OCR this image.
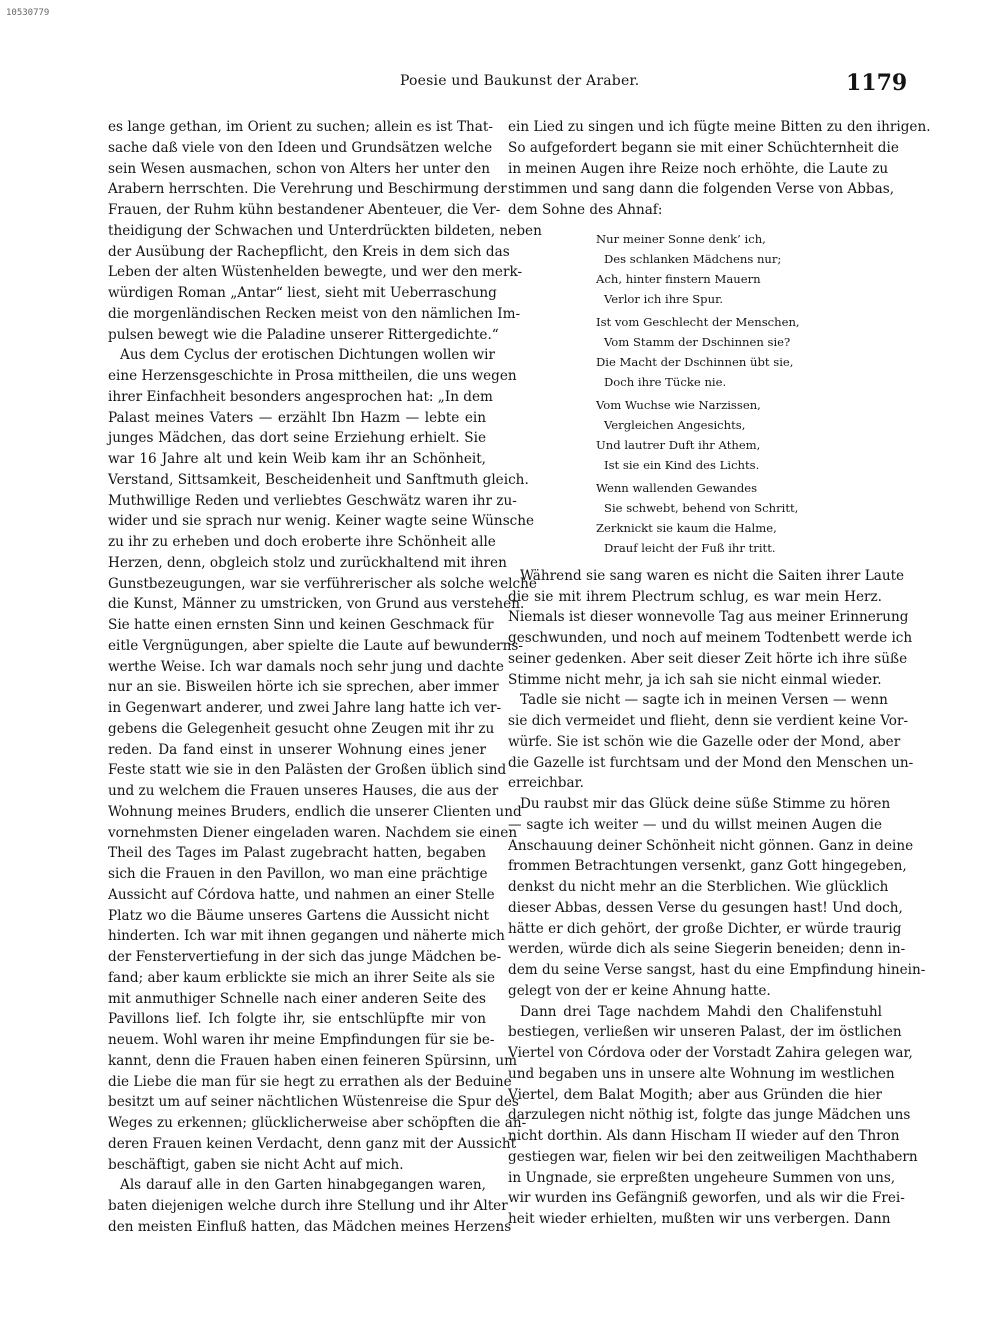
10530779
Poesie und Baukunst der Araber.	1179
es lange gethan, im Orient zu suchen; allein es ist That-
sache daß viele von den Ideen und Grundsätzen welche
sein Wesen ausmachen, schon von Alters her unter den
Arabern herrschten. Die Verehrung und Beschirmung der
Frauen, der Ruhm kühn bestandener Abenteuer, die Ver-
theidigung der Schwachen und Unterdrückten bildeten, neben
der Ausübung der Rachepflicht, den Kreis in dem sich das
Leben der alten Wüstenhelden bewegte, und wer den merk-
würdigen Roman „Antar“ liest, sieht mit Ueberraschung
die morgenländischen Recken meist von den nämlichen Im-
pulsen bewegt wie die Paladine unserer Rittergedichte.“
Aus dem Cyclus der erotischen Dichtungen wollen wir
eine Herzensgeschichte in Prosa mittheilen, die uns wegen
ihrer Einfachheit besonders angesprochen hat: „In dem
Palast meines Vaters — erzählt Ibn Hazm — lebte ein
junges Mädchen, das dort seine Erziehung erhielt. Sie
war 16 Jahre alt und kein Weib kam ihr an Schönheit,
Verstand, Sittsamkeit, Bescheidenheit und Sanftmuth gleich.
Muthwillige Reden und verliebtes Geschwätz waren ihr zu-
wider und sie sprach nur wenig. Keiner wagte seine Wünsche
zu ihr zu erheben und doch eroberte ihre Schönheit alle
Herzen, denn, obgleich stolz und zurückhaltend mit ihren
Gunstbezeugungen, war sie verführerischer als solche welche
die Kunst, Männer zu umstricken, von Grund aus verstehen.
Sie hatte einen ernsten Sinn und keinen Geschmack für
eitle Vergnügungen, aber spielte die Laute auf bewunderns-
werthe Weise. Ich war damals noch sehr jung und dachte
nur an sie. Bisweilen hörte ich sie sprechen, aber immer
in Gegenwart anderer, und zwei Jahre lang hatte ich ver-
gebens die Gelegenheit gesucht ohne Zeugen mit ihr zu
reden. Da fand einst in unserer Wohnung eines jener
Feste statt wie sie in den Palästen der Großen üblich sind
und zu welchem die Frauen unseres Hauses, die aus der
Wohnung meines Bruders, endlich die unserer Clienten und
vornehmsten Diener eingeladen waren. Nachdem sie einen
Theil des Tages im Palast zugebracht hatten, begaben
sich die Frauen in den Pavillon, wo man eine prächtige
Aussicht auf Córdova hatte, und nahmen an einer Stelle
Platz wo die Bäume unseres Gartens die Aussicht nicht
hinderten. Ich war mit ihnen gegangen und näherte mich
der Fenstervertiefung in der sich das junge Mädchen be-
fand; aber kaum erblickte sie mich an ihrer Seite als sie
mit anmuthiger Schnelle nach einer anderen Seite des
Pavillons lief. Ich folgte ihr, sie entschlüpfte mir von
neuem. Wohl waren ihr meine Empfindungen für sie be-
kannt, denn die Frauen haben einen feineren Spürsinn, um
die Liebe die man für sie hegt zu errathen als der Beduine
besitzt um auf seiner nächtlichen Wüstenreise die Spur des
Weges zu erkennen; glücklicherweise aber schöpften die an-
deren Frauen keinen Verdacht, denn ganz mit der Aussicht
beschäftigt, gaben sie nicht Acht auf mich.
Als darauf alle in den Garten hinabgegangen waren,
baten diejenigen welche durch ihre Stellung und ihr Alter
den meisten Einfluß hatten, das Mädchen meines Herzens
ein Lied zu singen und ich fügte meine Bitten zu den ihrigen.
So aufgefordert begann sie mit einer Schüchternheit die
in meinen Augen ihre Reize noch erhöhte, die Laute zu
stimmen und sang dann die folgenden Verse von Abbas,
dem Sohne des Ahnaf:
Nur meiner Sonne denk’ ich,
Des schlanken Mädchens nur;
Ach, hinter finstern Mauern
Verlor ich ihre Spur.
Ist vom Geschlecht der Menschen,
Vom Stamm der Dschinnen sie?
Die Macht der Dschinnen übt sie,
Doch ihre Tücke nie.
Vom Wuchse wie Narzissen,
Vergleichen Angesichts,
Und lautrer Duft ihr Athem,
Ist sie ein Kind des Lichts.
Wenn wallenden Gewandes
Sie schwebt, behend von Schritt,
Zerknickt sie kaum die Halme,
Drauf leicht der Fuß ihr tritt.
Während sie sang waren es nicht die Saiten ihrer Laute
die sie mit ihrem Plectrum schlug, es war mein Herz.
Niemals ist dieser wonnevolle Tag aus meiner Erinnerung
geschwunden, und noch auf meinem Todtenbett werde ich
seiner gedenken. Aber seit dieser Zeit hörte ich ihre süße
Stimme nicht mehr, ja ich sah sie nicht einmal wieder.
Tadle sie nicht — sagte ich in meinen Versen — wenn
sie dich vermeidet und flieht, denn sie verdient keine Vor-
würfe. Sie ist schön wie die Gazelle oder der Mond, aber
die Gazelle ist furchtsam und der Mond den Menschen un-
erreichbar.
Du raubst mir das Glück deine süße Stimme zu hören
— sagte ich weiter — und du willst meinen Augen die
Anschauung deiner Schönheit nicht gönnen. Ganz in deine
frommen Betrachtungen versenkt, ganz Gott hingegeben,
denkst du nicht mehr an die Sterblichen. Wie glücklich
dieser Abbas, dessen Verse du gesungen hast! Und doch,
hätte er dich gehört, der große Dichter, er würde traurig
werden, würde dich als seine Siegerin beneiden; denn in-
dem du seine Verse sangst, hast du eine Empfindung hinein-
gelegt von der er keine Ahnung hatte.
Dann drei Tage nachdem Mahdi den Chalifenstuhl
bestiegen, verließen wir unseren Palast, der im östlichen
Viertel von Córdova oder der Vorstadt Zahira gelegen war,
und begaben uns in unsere alte Wohnung im westlichen
Viertel, dem Balat Mogith; aber aus Gründen die hier
darzulegen nicht nöthig ist, folgte das junge Mädchen uns
nicht dorthin. Als dann Hischam II wieder auf den Thron
gestiegen war, fielen wir bei den zeitweiligen Machthabern
in Ungnade, sie erpreßten ungeheure Summen von uns,
wir wurden ins Gefängniß geworfen, und als wir die Frei-
heit wieder erhielten, mußten wir uns verbergen. Dann
